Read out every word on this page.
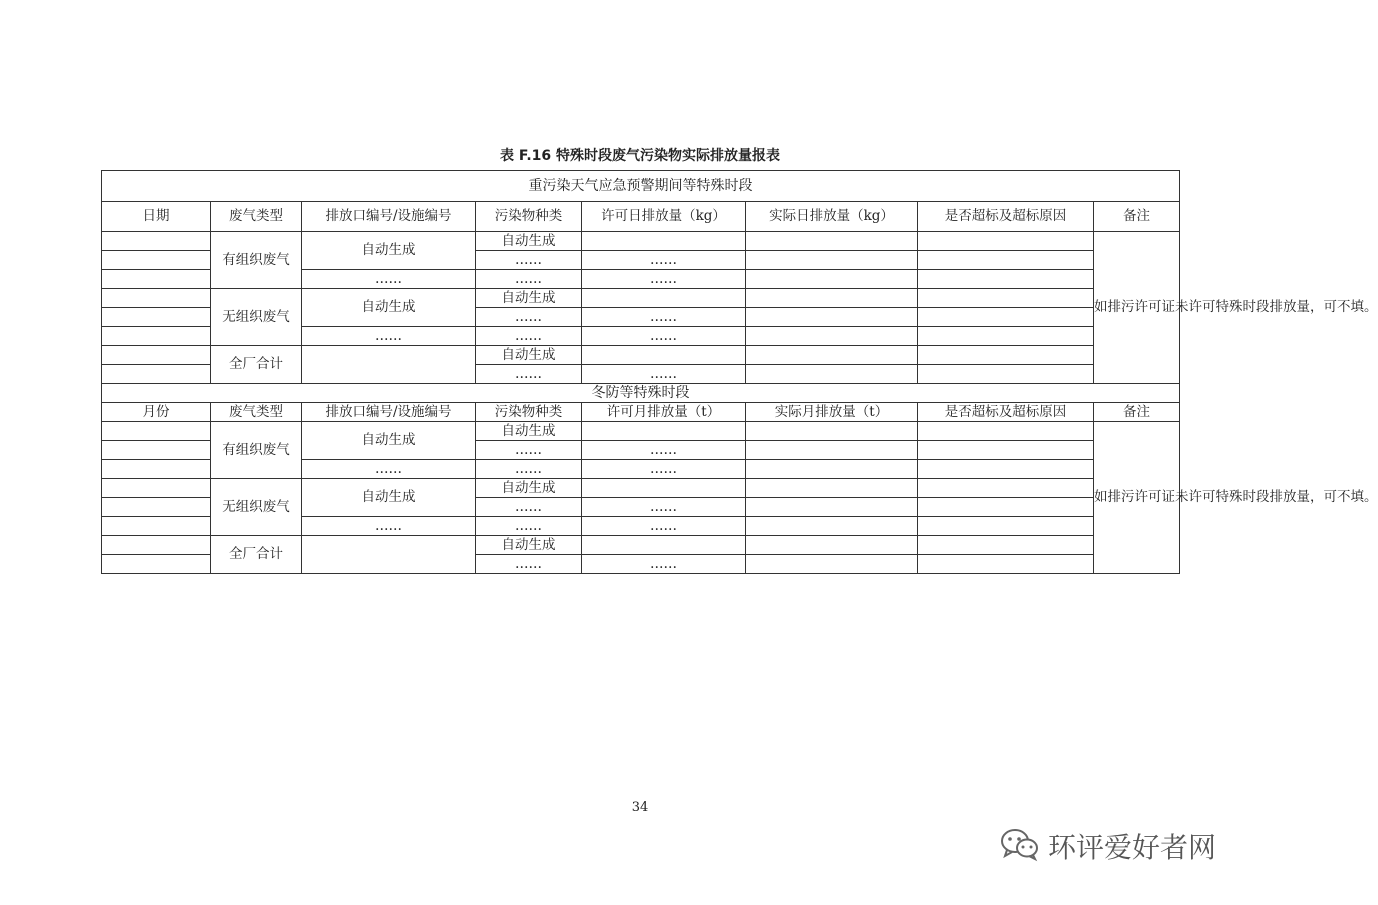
表 F.16 特殊时段废气污染物实际排放量报表
重污染天气应急预警期间等特殊时段							
日期	废气类型	排放口编号/设施编号	污染物种类	许可日排放量（kg）	实际日排放量（kg）	是否超标及超标原因	备注
	有组织废气	自动生成	自动生成				如排污许可证未许可特殊时段排放量，可不填。
			……	……			
		……	……	……			
	无组织废气	自动生成	自动生成				
			……	……			
		……	……	……			
	全厂合计		自动生成				
			……	……			
冬防等特殊时段							
月份	废气类型	排放口编号/设施编号	污染物种类	许可月排放量（t）	实际月排放量（t）	是否超标及超标原因	备注
	有组织废气	自动生成	自动生成				如排污许可证未许可特殊时段排放量，可不填。
			……	……			
		……	……	……			
	无组织废气	自动生成	自动生成				
			……	……			
		……	……	……			
	全厂合计		自动生成				
			……	……			
34
环评爱好者网
